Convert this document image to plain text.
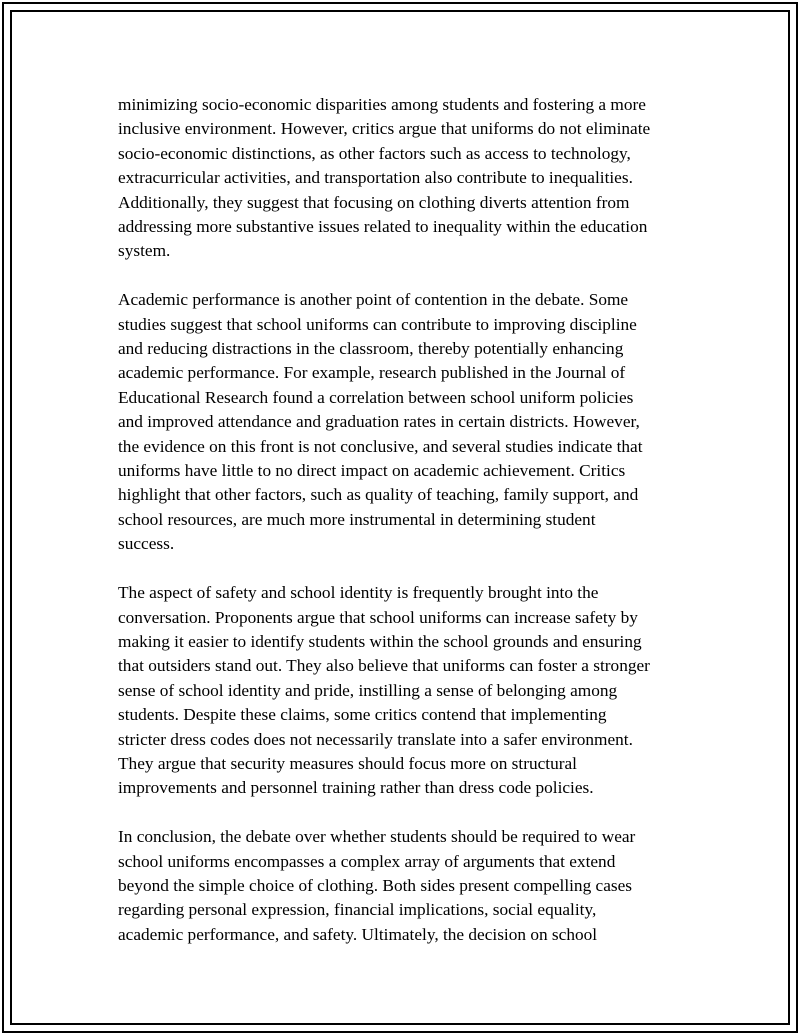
minimizing socio-economic disparities among students and fostering a more
inclusive environment. However, critics argue that uniforms do not eliminate
socio-economic distinctions, as other factors such as access to technology,
extracurricular activities, and transportation also contribute to inequalities.
Additionally, they suggest that focusing on clothing diverts attention from
addressing more substantive issues related to inequality within the education
system.

Academic performance is another point of contention in the debate. Some
studies suggest that school uniforms can contribute to improving discipline
and reducing distractions in the classroom, thereby potentially enhancing
academic performance. For example, research published in the Journal of
Educational Research found a correlation between school uniform policies
and improved attendance and graduation rates in certain districts. However,
the evidence on this front is not conclusive, and several studies indicate that
uniforms have little to no direct impact on academic achievement. Critics
highlight that other factors, such as quality of teaching, family support, and
school resources, are much more instrumental in determining student
success.

The aspect of safety and school identity is frequently brought into the
conversation. Proponents argue that school uniforms can increase safety by
making it easier to identify students within the school grounds and ensuring
that outsiders stand out. They also believe that uniforms can foster a stronger
sense of school identity and pride, instilling a sense of belonging among
students. Despite these claims, some critics contend that implementing
stricter dress codes does not necessarily translate into a safer environment.
They argue that security measures should focus more on structural
improvements and personnel training rather than dress code policies.

In conclusion, the debate over whether students should be required to wear
school uniforms encompasses a complex array of arguments that extend
beyond the simple choice of clothing. Both sides present compelling cases
regarding personal expression, financial implications, social equality,
academic performance, and safety. Ultimately, the decision on school
